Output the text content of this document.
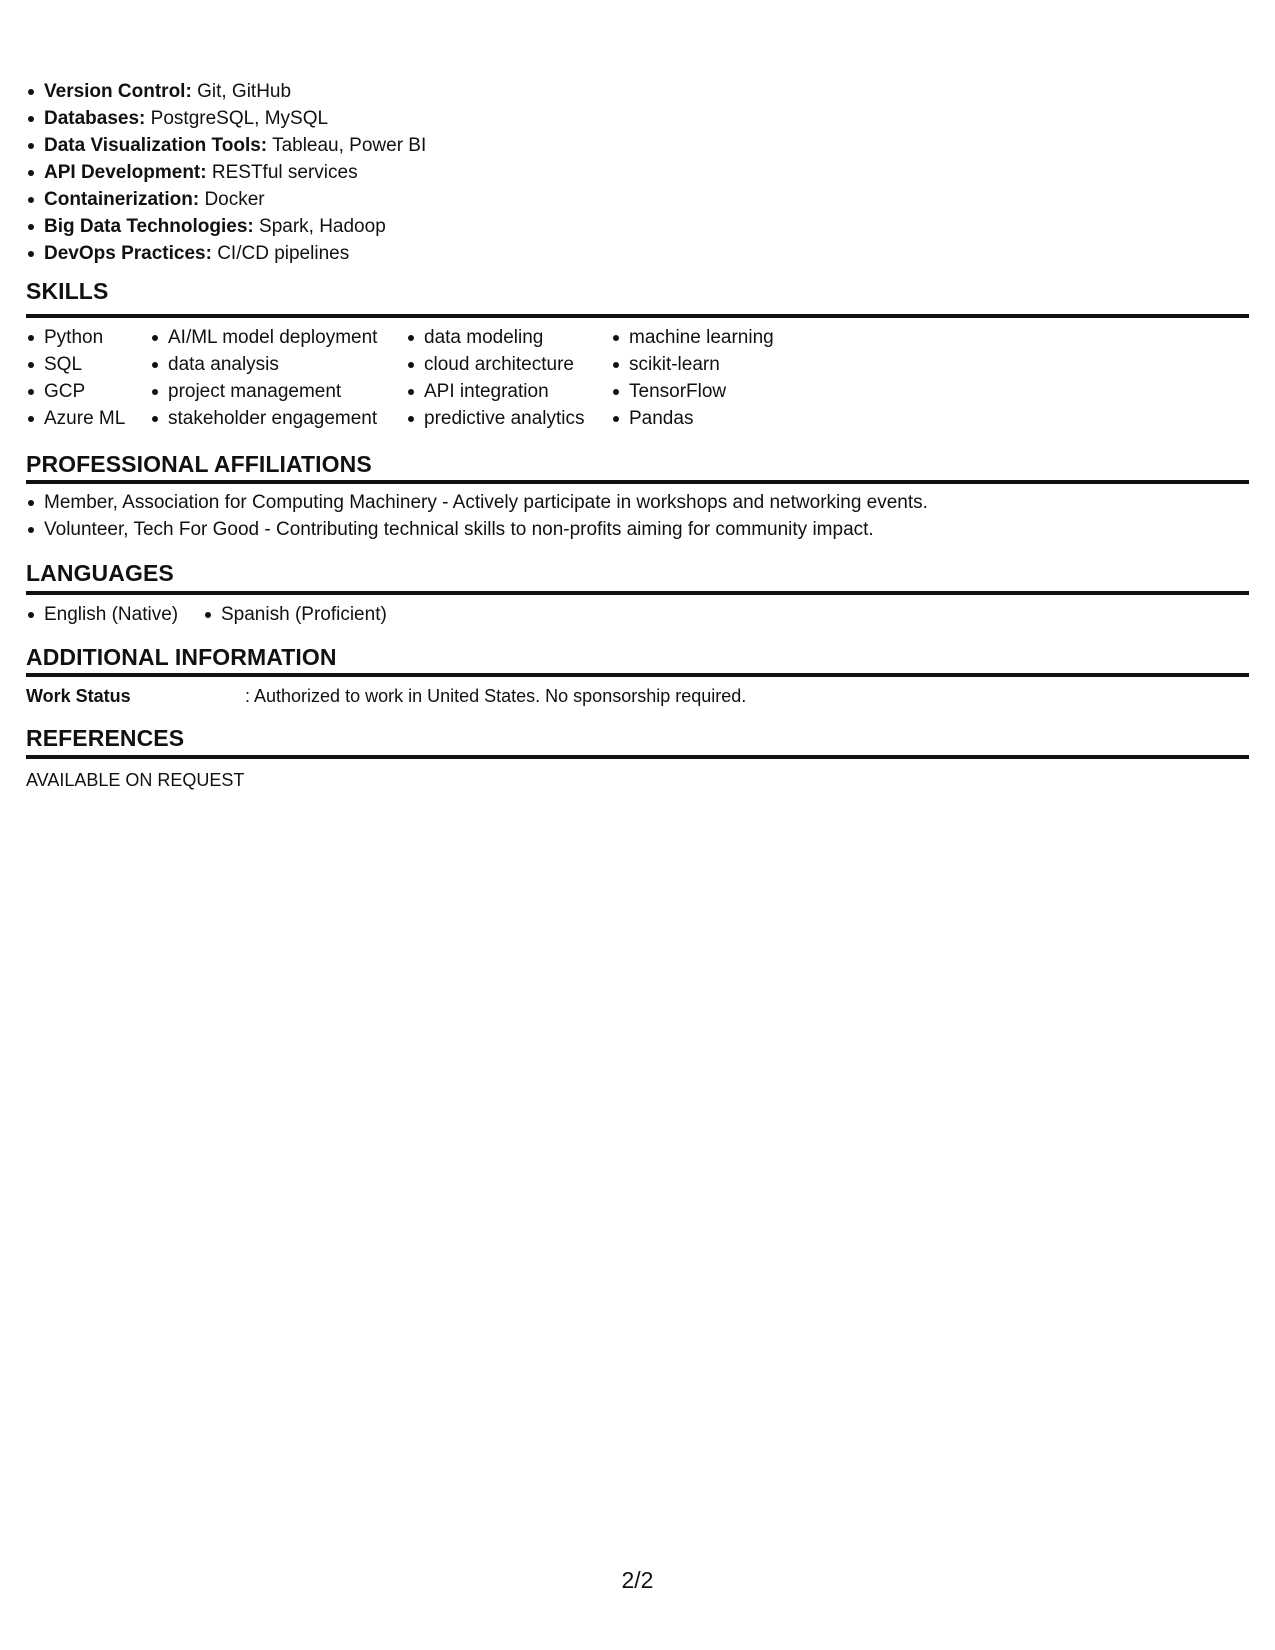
Version Control: Git, GitHub
Databases: PostgreSQL, MySQL
Data Visualization Tools: Tableau, Power BI
API Development: RESTful services
Containerization: Docker
Big Data Technologies: Spark, Hadoop
DevOps Practices: CI/CD pipelines
SKILLS
Python
SQL
GCP
Azure ML
AI/ML model deployment
data analysis
project management
stakeholder engagement
data modeling
cloud architecture
API integration
predictive analytics
machine learning
scikit-learn
TensorFlow
Pandas
PROFESSIONAL AFFILIATIONS
Member, Association for Computing Machinery - Actively participate in workshops and networking events.
Volunteer, Tech For Good - Contributing technical skills to non-profits aiming for community impact.
LANGUAGES
English (Native) Spanish (Proficient)
ADDITIONAL INFORMATION
Work Status	: Authorized to work in United States. No sponsorship required.
REFERENCES
AVAILABLE ON REQUEST
2/2
